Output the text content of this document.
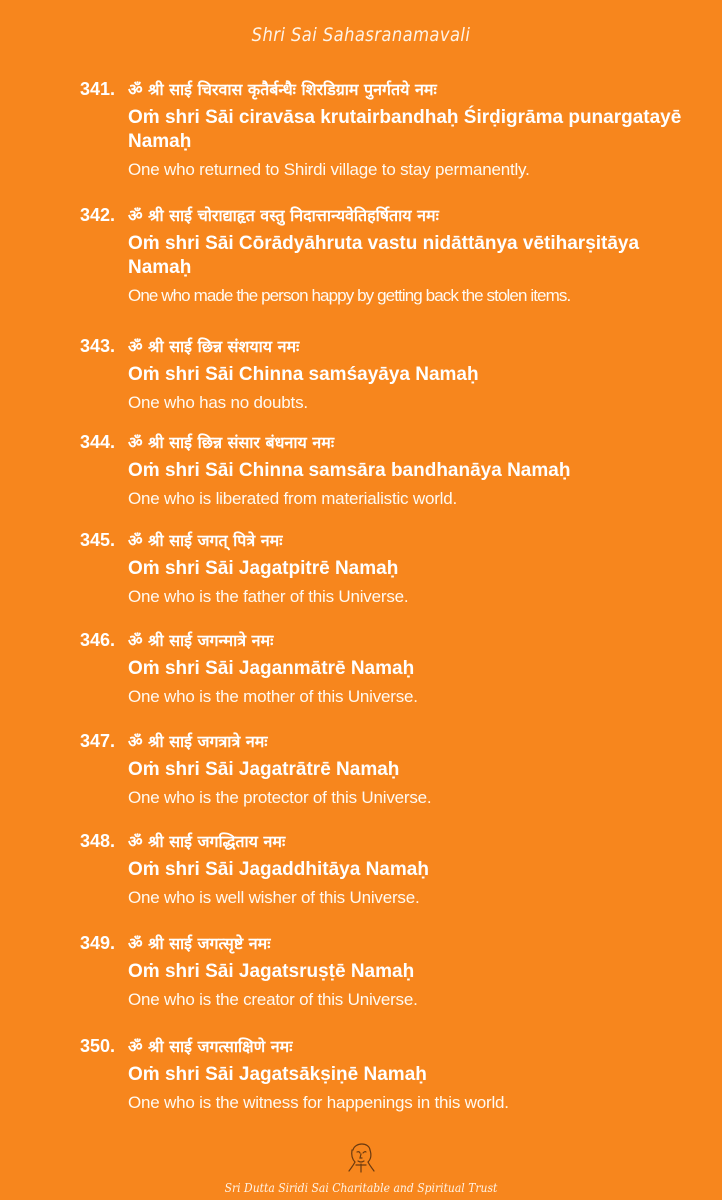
Shri Sai Sahasranamavali
341. ॐ श्री साई चिरवास कृतैर्बन्धैः शिरडिग्राम पुनर्गतये नमः
Oṁ shri Sāi ciravāsa krutairbandhaḥ Śirḍigrāma punargatayē Namaḥ
One who returned to Shirdi village to stay permanently.
342. ॐ श्री साई चोराद्याहृत वस्तु निदात्तान्यवेतिहर्षिताय नमः
Oṁ shri Sāi Cōrādyāhruta vastu nidāttānya vētiharṣitāya Namaḥ
One who made the person happy by getting back the stolen items.
343. ॐ श्री साई छिन्न संशयाय नमः
Oṁ shri Sāi Chinna samśayāya Namaḥ
One who has no doubts.
344. ॐ श्री साई छिन्न संसार बंधनाय नमः
Oṁ shri Sāi Chinna samsāra bandhanāya Namaḥ
One who is liberated from materialistic world.
345. ॐ श्री साई जगत् पित्रे नमः
Oṁ shri Sāi Jagatpitrē Namaḥ
One who is the father of this Universe.
346. ॐ श्री साई जगन्मात्रे नमः
Oṁ shri Sāi Jaganmātrē Namaḥ
One who is the mother of this Universe.
347. ॐ श्री साई जगत्रात्रे नमः
Oṁ shri Sāi Jagatrātrē Namaḥ
One who is the protector of this Universe.
348. ॐ श्री साई जगद्धिताय नमः
Oṁ shri Sāi Jagaddhitāya Namaḥ
One who is well wisher of this Universe.
349. ॐ श्री साई जगत्सृष्टे नमः
Oṁ shri Sāi Jagatsruṣṭē Namaḥ
One who is the creator of this Universe.
350. ॐ श्री साई जगत्साक्षिणे नमः
Oṁ shri Sāi Jagatsākṣiṇē Namaḥ
One who is the witness for happenings in this world.
Sri Dutta Siridi Sai Charitable and Spiritual Trust
